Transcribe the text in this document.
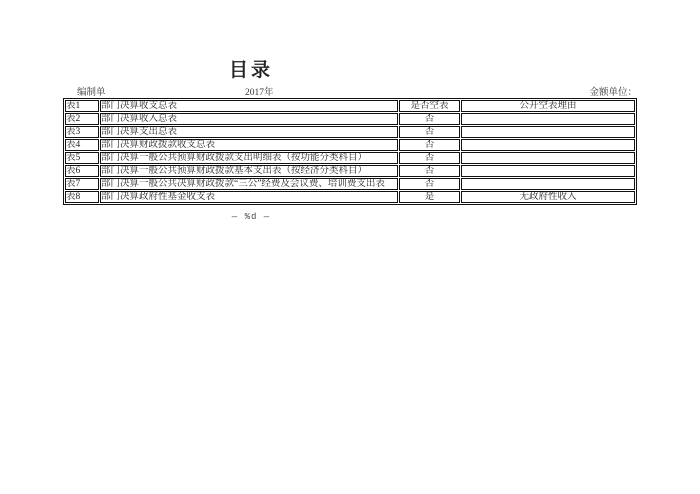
目录
编制单	2017年	金额单位：
表1	部门决算收支总表	是否空表	公开空表理由
表2	部门决算收入总表	否	
表3	部门决算支出总表	否	
表4	部门决算财政拨款收支总表	否	
表5	部门决算一般公共预算财政拨款支出明细表（按功能分类科目）	否	
表6	部门决算一般公共预算财政拨款基本支出表（按经济分类科目）	否	
表7	部门决算一般公共决算财政拨款“三公”经费及会议费、培训费支出表	否	
表8	部门决算政府性基金收支表	是	无政府性收入
— %d —
